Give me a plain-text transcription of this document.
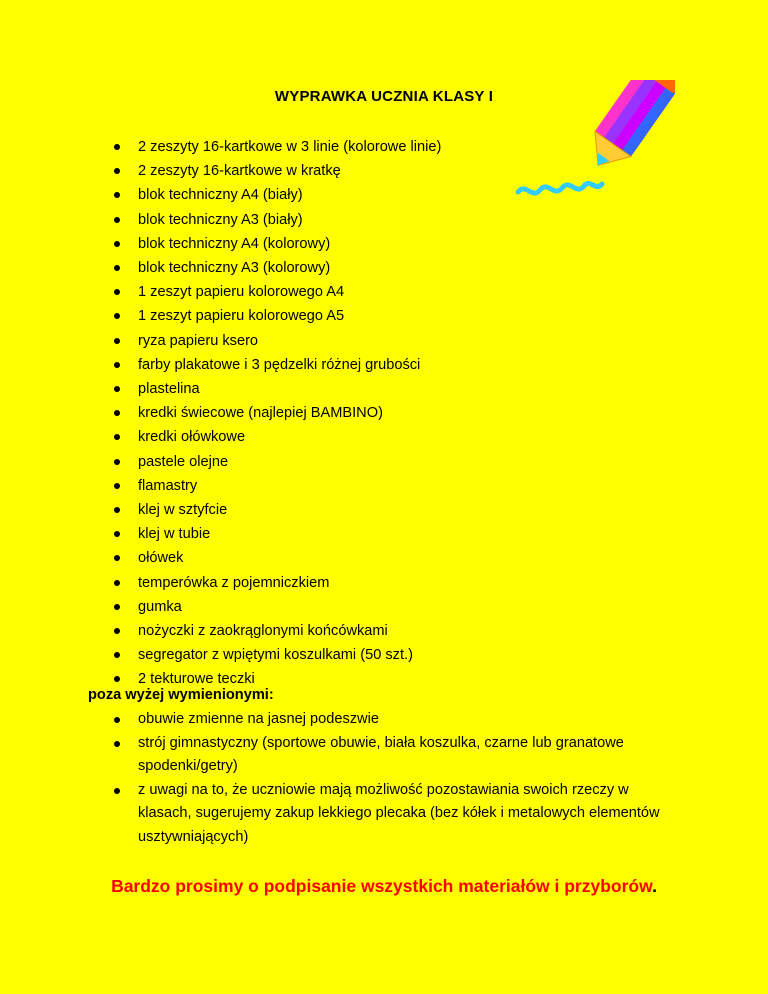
WYPRAWKA UCZNIA KLASY I
2 zeszyty 16-kartkowe w 3 linie (kolorowe linie)
2 zeszyty 16-kartkowe w kratkę
blok techniczny A4 (biały)
blok techniczny A3 (biały)
blok techniczny A4 (kolorowy)
blok techniczny A3 (kolorowy)
1 zeszyt papieru kolorowego A4
1 zeszyt papieru kolorowego A5
ryza papieru ksero
farby plakatowe i 3 pędzelki różnej grubości
plastelina
kredki świecowe (najlepiej BAMBINO)
kredki ołówkowe
pastele olejne
flamastry
klej w sztyfcie
klej w tubie
ołówek
temperówka z pojemniczkiem
gumka
nożyczki z zaokrąglonymi końcówkami
segregator z wpiętymi koszulkami (50 szt.)
2 tekturowe teczki
poza wyżej wymienionymi:
obuwie zmienne na jasnej podeszwie
strój gimnastyczny (sportowe obuwie, biała koszulka, czarne lub granatowe spodenki/getry)
z uwagi na to, że uczniowie mają możliwość pozostawiania swoich rzeczy w klasach, sugerujemy zakup lekkiego plecaka (bez kółek i metalowych elementów usztywniających)
Bardzo prosimy o podpisanie wszystkich materiałów i przyborów.
